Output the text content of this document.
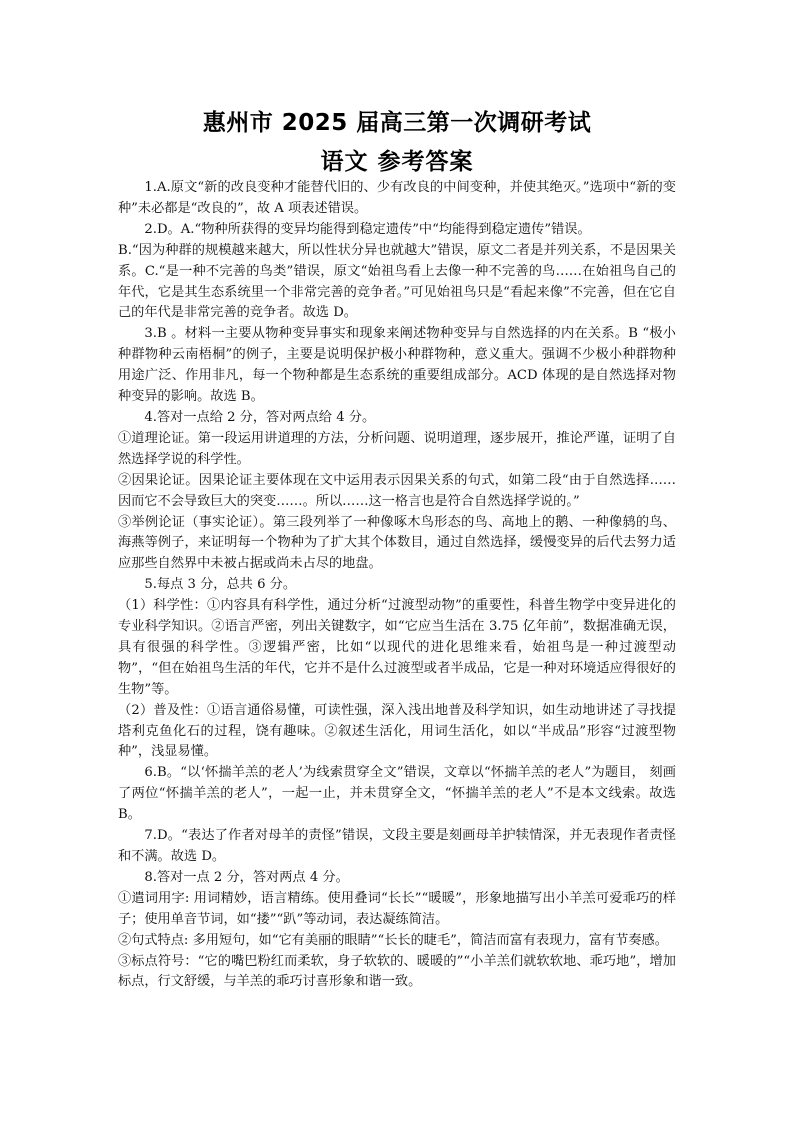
惠州市 2025 届高三第一次调研考试
语文 参考答案

1.A.原文“新的改良变种才能替代旧的、少有改良的中间变种，并使其绝灭。”选项中“新的变种”未必都是“改良的”，故 A 项表述错误。

2.D。A.“物种所获得的变异均能得到稳定遗传”中“均能得到稳定遗传”错误。

B.“因为种群的规模越来越大，所以性状分异也就越大”错误，原文二者是并列关系，不是因果关系。C.“是一种不完善的鸟类”错误，原文“始祖鸟看上去像一种不完善的鸟……在始祖鸟自己的年代，它是其生态系统里一个非常完善的竞争者。”可见始祖鸟只是“看起来像”不完善，但在它自己的年代是非常完善的竞争者。故选 D。

3.B 。材料一主要从物种变异事实和现象来阐述物种变异与自然选择的内在关系。B “极小种群物种云南梧桐”的例子，主要是说明保护极小种群物种，意义重大。强调不少极小种群物种用途广泛、作用非凡，每一个物种都是生态系统的重要组成部分。ACD 体现的是自然选择对物种变异的影响。故选 B。

4.答对一点给 2 分，答对两点给 4 分。

①道理论证。第一段运用讲道理的方法，分析问题、说明道理，逐步展开，推论严谨，证明了自然选择学说的科学性。

②因果论证。因果论证主要体现在文中运用表示因果关系的句式，如第二段“由于自然选择……因而它不会导致巨大的突变……。所以……这一格言也是符合自然选择学说的。”

③举例论证（事实论证）。第三段列举了一种像啄木鸟形态的鸟、高地上的鹅、一种像鸫的鸟、海燕等例子，来证明每一个物种为了扩大其个体数目，通过自然选择，缓慢变异的后代去努力适应那些自然界中未被占据或尚未占尽的地盘。

5.每点 3 分，总共 6 分。

（1）科学性：①内容具有科学性，通过分析“过渡型动物”的重要性，科普生物学中变异进化的专业科学知识。②语言严密，列出关键数字，如“它应当生活在 3.75 亿年前”，数据准确无误，具有很强的科学性。③逻辑严密，比如“以现代的进化思维来看，始祖鸟是一种过渡型动物”，“但在始祖鸟生活的年代，它并不是什么过渡型或者半成品，它是一种对环境适应得很好的生物”等。

（2）普及性：①语言通俗易懂，可读性强，深入浅出地普及科学知识，如生动地讲述了寻找提塔利克鱼化石的过程，饶有趣味。②叙述生活化，用词生活化，如以“半成品”形容“过渡型物种”，浅显易懂。

6.B。“以‘怀揣羊羔的老人’为线索贯穿全文”错误，文章以“怀揣羊羔的老人”为题目， 刻画了两位“怀揣羊羔的老人”，一起一止，并未贯穿全文，“怀揣羊羔的老人”不是本文线索。故选 B。

7.D。“表达了作者对母羊的责怪”错误，文段主要是刻画母羊护犊情深，并无表现作者责怪和不满。故选 D。

8.答对一点 2 分，答对两点 4 分。

①遣词用字: 用词精妙，语言精练。使用叠词“长长”“暖暖”，形象地描写出小羊羔可爱乖巧的样子；使用单音节词，如“搂”“趴”等动词，表达凝练简洁。

②句式特点: 多用短句，如“它有美丽的眼睛”“长长的睫毛”，简洁而富有表现力，富有节奏感。

③标点符号：“它的嘴巴粉红而柔软，身子软软的、暖暖的”“小羊羔们就软软地、乖巧地”，增加标点，行文舒缓，与羊羔的乖巧讨喜形象和谐一致。
